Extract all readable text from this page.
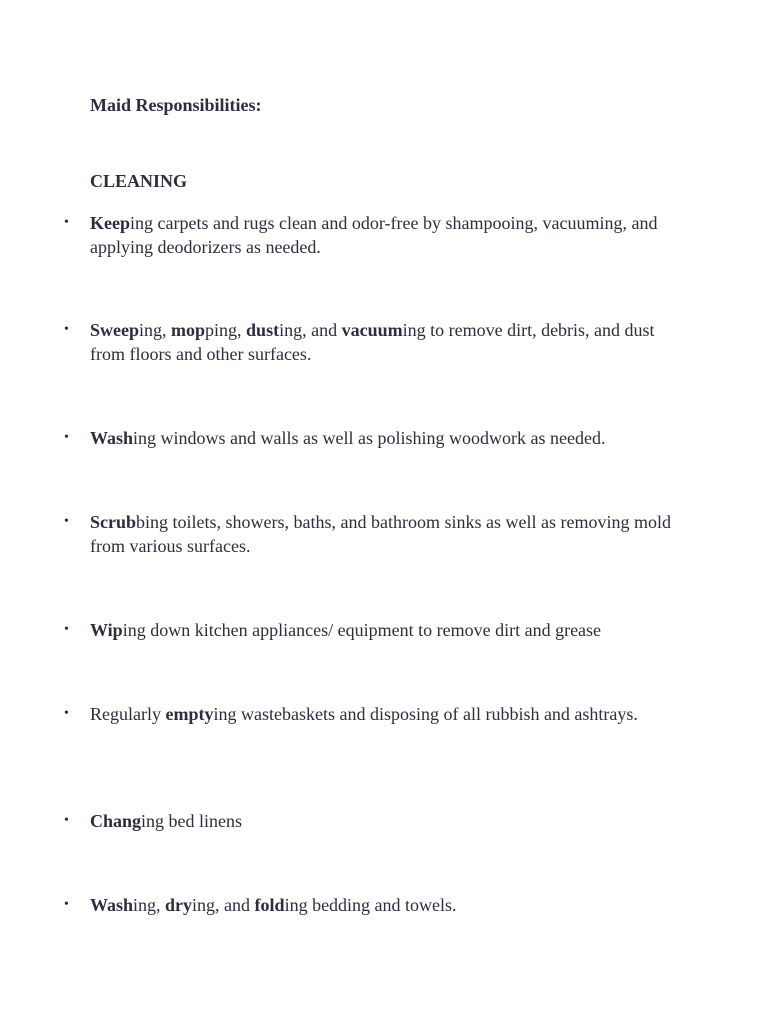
Maid Responsibilities:
CLEANING
•	Keeping carpets and rugs clean and odor-free by shampooing, vacuuming, and applying deodorizers as needed.
•	Sweeping, mopping, dusting, and vacuuming to remove dirt, debris, and dust from floors and other surfaces.
•	Washing windows and walls as well as polishing woodwork as needed.
•	Scrubbing toilets, showers, baths, and bathroom sinks as well as removing mold from various surfaces.
•	Wiping down kitchen appliances/ equipment to remove dirt and grease
•	Regularly emptying wastebaskets and disposing of all rubbish and ashtrays.
•	Changing bed linens
•	Washing, drying, and folding bedding and towels.
